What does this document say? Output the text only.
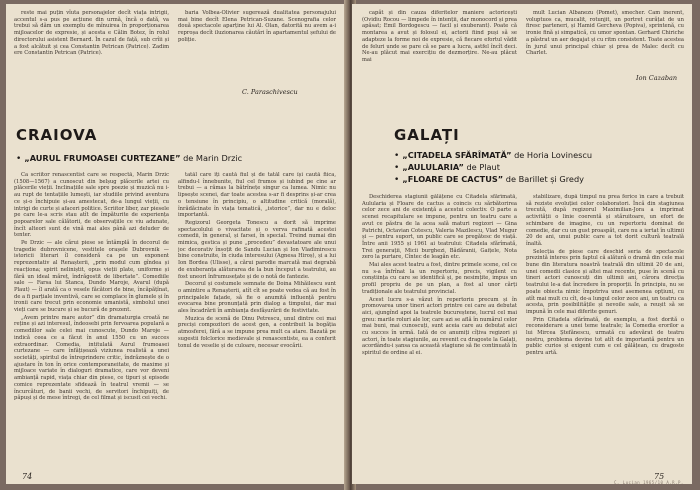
reste mai puțin vîuta personajelor decît viața intrigii, accentul s-a pus pe acțiune din urmă, încă o dată, va trebui să dăm un exemplu de mînuirea în proporționarea mijloacelor de expresie, și acesta e Călin Botez, în rolul directorului asistent Bernard. În cazul de față, sub crîii și a fost alcătuit și cea Constantin Petrican (Patrice). Zadim ere Constantin Petrican (Patrice).

baria Volbea-Olivier sugerează dualitatea personajului mai bine decît Elena Petrican-Suzane. Scenografia celor două spectacole aparține lui Al. Olan, datorită nu avem a-i reproșa decît iluzionarea căutări în apartamentul șefului de poliție.

C. Paraschivescu
CRAIOVA
• „AURUL FRUMOASEI CURTEZANE” de Marin Drzic

Ca scriitor renascentist care se respectă, Marin Drzic (1508—1567) a cunoscut din belșug plăcerile artei cu plăcerile vieții. Inclinațiile sale spre poezie și muzică nu i-au rupt de tentațiile lumești, iar studiile privind aventura ce și-o închipuie și-au amestecat, de-a lungul vieții, cu intrigi de curte și afaceri politice. Scriitor liber, zar piesele pe care le-a scris stau atît de împăturite de experiența popoarelor sale călătorii, de observațiile ce viu adunate, încît alteori sunt de vină mai ales până azi deluder de tenter.

Pe Drzic — ale cărui piese se întâmplă în decorul de tragedie dubrovnicene, vestitele orașele Dubrovnik — istoricii literari îl consideră ca pe un exponent reprezentativ al Renașterii, „prin modul cum gîndea și reacționa; spirit neliniștit, opus vieții plate, uniforme și fără un ideal măreț, îndrăgostit de libertate”. Comediile sale — Farsa lui Stanca, Dundo Maroje, Avarul (după Plaut) — îl arată ca o vesele făcători de bine, încăpățînat, de a fi parțiale inventivă, care se complace în glumele și în ironii care trecut prin economie umanistă, simbolul unei vieți care se bucure și se bucură de prezent.

„Avem printre mare autor” din dramaturgia croată ne reține și azi interesul, îndeosebi prin fervoarea populară a comediilor sale celei mai cunoscute, Dundo Maroje — indică ceea ce a făcut în anul 1550 cu un succes extraordinar. Comedia, intitulată Aurul frumoasei curtezane — care înfățișează viziunea realistă a unei societăți, spiritul de întreprindere critic, îndrăznește de o ajustare în ton în orice contemporaneitate, de maxime și mijloace variate în dialoguri dramatice, care vor deveni ambianță rapid, viața chiar din piese, ce tipuri și episode comice reprezentate sfidează în teatrul vremii — se încurcături, de banii vechi, de servitori închipuiți, de păpuși și de mese întregi, de cel filmat și iscusit cei vechi.

tatăl care îți caută fiul și de tatăl care își caută fiica, alfindu-l înnebunite, fiul cel frumos și iubind pe cine ar trebui — a rămas la bătrînețe singur ca lumea. Nimic nu lipsește scenei, dar toate acestea s-ar fi desprins și-ar crea o tensiune în principiu, o altitudine critică (morală), înrădăcinate în viața tematică, „istorice”, dar nu e deloc importantă.

Regizorul Georgeta Tonescu a dorit să imprime spectacolului o vivacitate și o verva rafinată acestei comedii, în general, și farsei, în special. Treind numai din mimica, gestica și pune „procedeu” devastatoare ale unui joc decorativ însoțit de Sandu Lucian și Ion Vladimirescu bine construite, în ciuda interesului (Agnesa Hiroș), și a lui Ion Bordea (Ulisse), a cărui parodie marcată mai degrabă de exuberanța alăturarea de la bun început a teatrului, au fost uneori înfrumusețate și de o notă de fantezie.

Decorul și costumele semnate de Doina Mihăilescu sunt o amintire a Renașterii, atît cît se poate vedea că au fost în principalele fațade, să fie o anumită influență pentru evocarea bine pronunțată prin dialog a timpului, dar mai ales încadrării în ambianța desfășurării de festivitate.

Muzica de scenă de Dinu Petrescu, unul dintre cei mai preciși compozitori de acest gen, a contribuit la bogăția atmosferei, fără a se impune prea mult ca atare. Bazată pe sugestii folclorice medievale și renascentiste, ea a conferit tonul de veselie și de culoare, necesar evocării.

74

capăt și din cauza diferitelor maniere actoricești (Ovidiu Rocou — limpede în intenții, dar monocord și prea apăsat; Emil Bordogescu — facil și exuberant). Poate că montarea a avut și folosul ei, actorii fiind puși să se adapteze la forme noi de expresie, că fiecare efortul vădit de feluri unde se pare că se pare a lucra, astfel încît deci. Ne-au plăcut mai exercițiu de dezmorțire. Ne-au plăcut mai

mult Lucian Albanezu (Pomet), smecher. Cam inerent, voluptuos ca, mucalit, rotunjit, un portret curățat de un firesc parteneri, și Hamid Gercheva (Popiva), sprintenă, cu ironie fină și simpatică, cu umor spontan. Gerhard Chiriche a păstrat un aer degajat și cu ritm consistent. Toate acestea în jurul unui principal chiar și prea de Malec decît cu Charlet.

Ion Cazaban
GALAȚI
• „CITADELA SFĂRÎMATĂ” de Horia Lovinescu
• „AULULARIA” de Plaut
• „FLOARE DE CACTUS” de Barillet și Gredy

Deschiderea stagiunii gălățene cu Citadela sfărîmată, Aulularia și Floare de cactus a coincis cu sărbătorirea celor zece ani de existență a acestui colectiv. O parte a scenei recapitulare se impune, pentru un teatru care a avut ce păstra de la acea sală maturi regizori — Gina Patrichi, Octavian Cotescu, Valeria Mazilescu, Vlad Mugur și — pentru suport, un public care se pregătesc de viață. Între anii 1955 și 1961 ai teatrului: Citadela sfărîmată, Trei generații, Micii burghezi, Bădăranii, Gaițele, Nota zero la purtare, Cîntec de leagăn etc.

Mai ales acest teatru a fost, dintre primele scene, cel ce nu s-a înfrînat la un repertoriu, precis, vigilent cu conștiința cu care se identifică și, pe nesimțite, impus un profil propriu de pe un plan, a fost al unor cărți tradiționale ale teatrului provincial.

Acest lucru s-a văzut în repertoriu precum și în promovarea unor tineri actori printre cei care au debutat aici, ajungînd apoi la teatrele bucureștene, lucrul cel mai greu: marile roluri ale lor, care azi se află în numărul celor mai buni, mai cunoscuți, sunt aceia care au debutat aici cu succes în urmă. Iată de ce anumiți cîțiva regizori și actori, în toate stagiunile, au revenit cu dragoste la Galați, acordându-i șansa ca această stagiune să fie continuată în spiritul de ordine al ei.

stabilizare, după timpul nu prea ferice în care a trebuit să reziste evoluției celor colaboratori. Încă din stagiunea trecută, după regizorul Maximilian-Jora a imprimat activității o linie coerentă și stăruitoare, un efort de schimbare de imagine, cu un repertoriu dominat de comedie, dar cu un gust proaspăt, care nu a iertat în ultimii 20 de ani, unui public care a tot dorit cultură teatrală înaltă.

Selecția de piese care deschid seria de spectacole prezintă interes prin faptul că alătură o dramă din cele mai bune din literatura noastră teatrală din ultimii 20 de ani, unei comedii clasice și altei mai recente, puse în scenă cu tineri actori cunoscuți din ultimii ani, cărora direcția teatrului le-a dat încredere în proporții. În principiu, nu se poate obiecta nimic împotriva unei asemenea opțiuni, cu atît mai mult cu cît, de-a lungul celor zece ani, un teatru ca acesta, prin posibilitățile și nevoile sale, a reușit să se impună în cele mai diferite genuri.

Prin Citadela sfărîmată, de exemplu, a fost dorită o reconsiderare a unei teme teatrale; la Comedia erorilor a lui Mircea Ștefănescu, urmată cu adevărat de teatru nostru, problema devine tot atît de importantă pentru un public curios și exigent cum e cel gălățean, cu dragoste pentru artă.

75
C. Lucian 1965/10 A.R.P.
